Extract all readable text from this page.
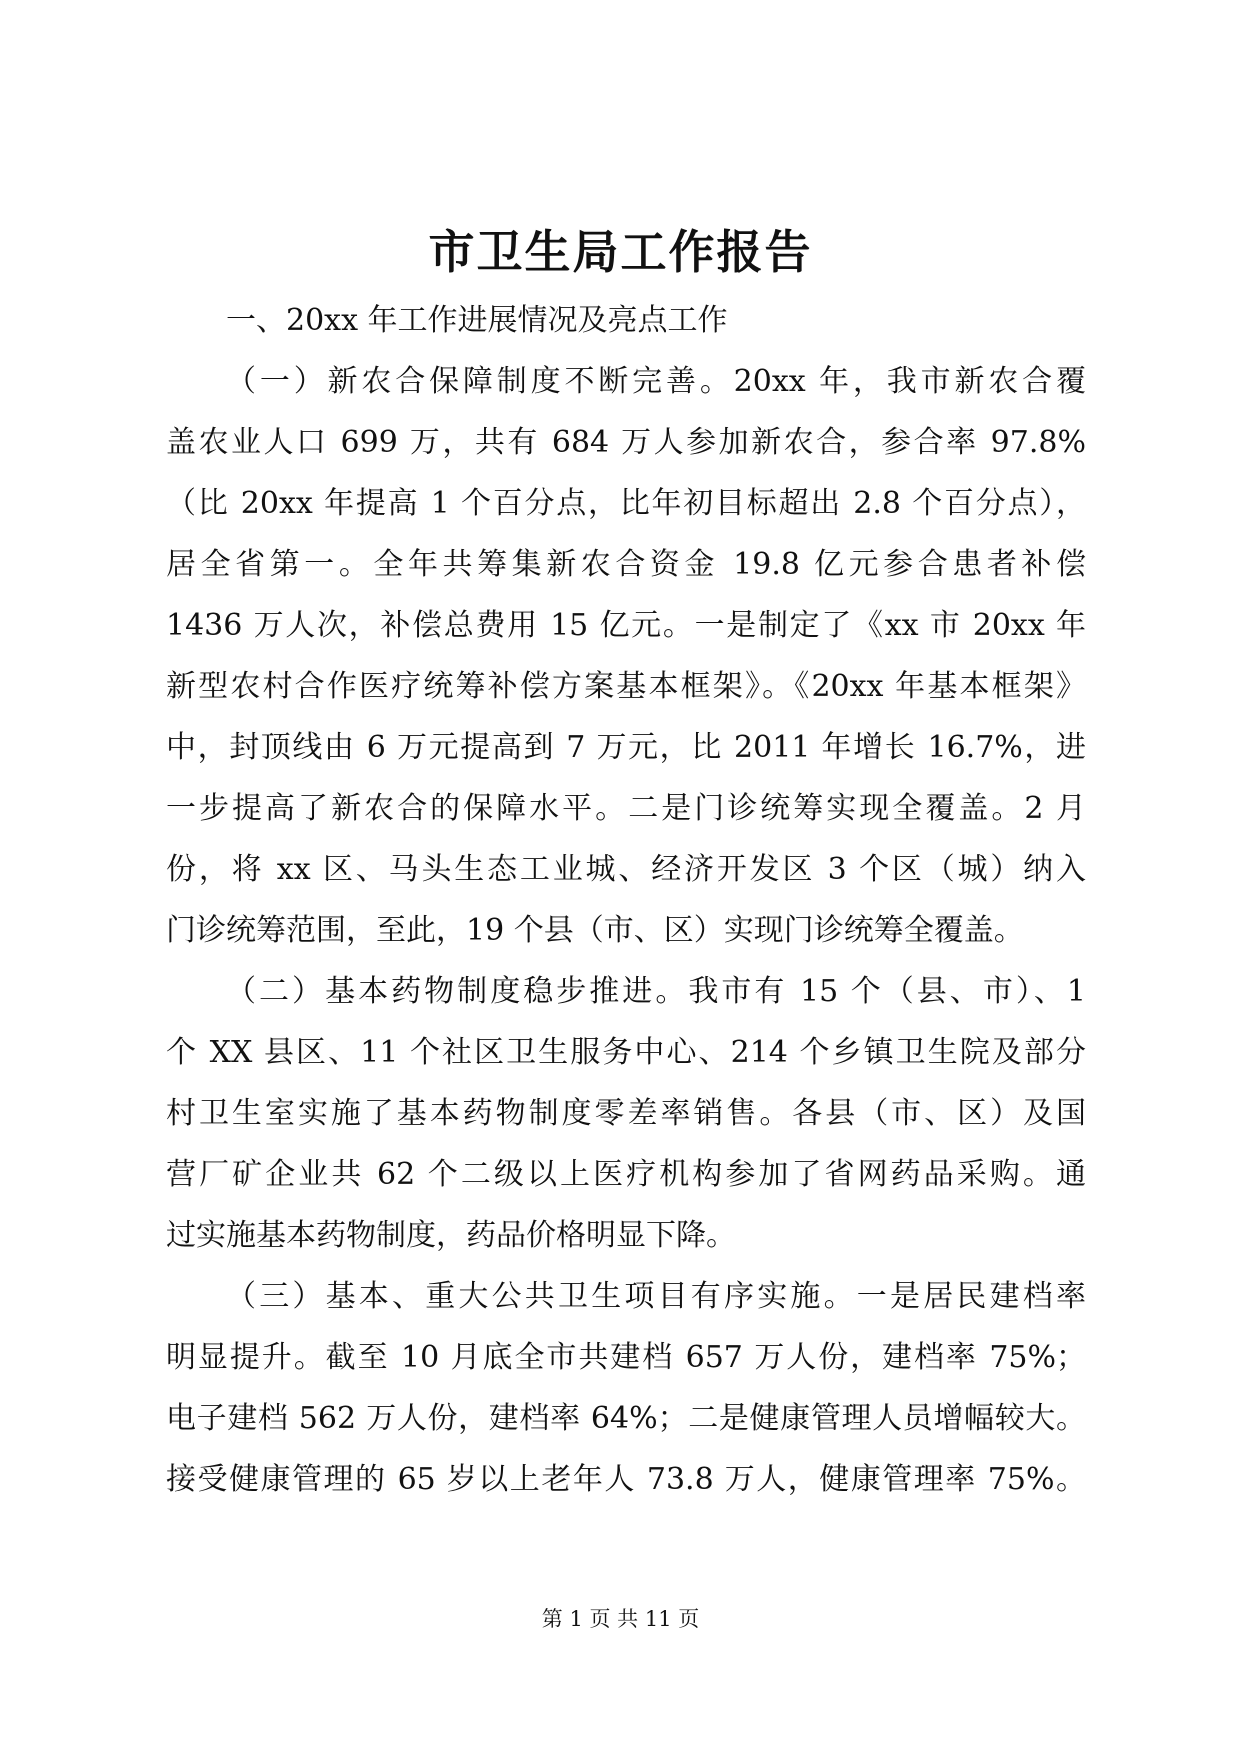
市卫生局工作报告
一、20xx 年工作进展情况及亮点工作
（一）新农合保障制度不断完善。20xx 年，我市新农合覆
盖农业人口 699 万，共有 684 万人参加新农合，参合率 97.8%
（比 20xx 年提高 1 个百分点，比年初目标超出 2.8 个百分点），
居全省第一。全年共筹集新农合资金 19.8 亿元参合患者补偿
1436 万人次，补偿总费用 15 亿元。一是制定了《xx 市 20xx 年
新型农村合作医疗统筹补偿方案基本框架》。《20xx 年基本框架》
中，封顶线由 6 万元提高到 7 万元，比 2011 年增长 16.7%，进
一步提高了新农合的保障水平。二是门诊统筹实现全覆盖。2 月
份，将 xx 区、马头生态工业城、经济开发区 3 个区（城）纳入
门诊统筹范围，至此，19 个县（市、区）实现门诊统筹全覆盖。
（二）基本药物制度稳步推进。我市有 15 个（县、市）、1
个 XX 县区、11 个社区卫生服务中心、214 个乡镇卫生院及部分
村卫生室实施了基本药物制度零差率销售。各县（市、区）及国
营厂矿企业共 62 个二级以上医疗机构参加了省网药品采购。通
过实施基本药物制度，药品价格明显下降。
（三）基本、重大公共卫生项目有序实施。一是居民建档率
明显提升。截至 10 月底全市共建档 657 万人份，建档率 75%；
电子建档 562 万人份，建档率 64%；二是健康管理人员增幅较大。
接受健康管理的 65 岁以上老年人 73.8 万人，健康管理率 75%。
第 1 页 共 11 页
